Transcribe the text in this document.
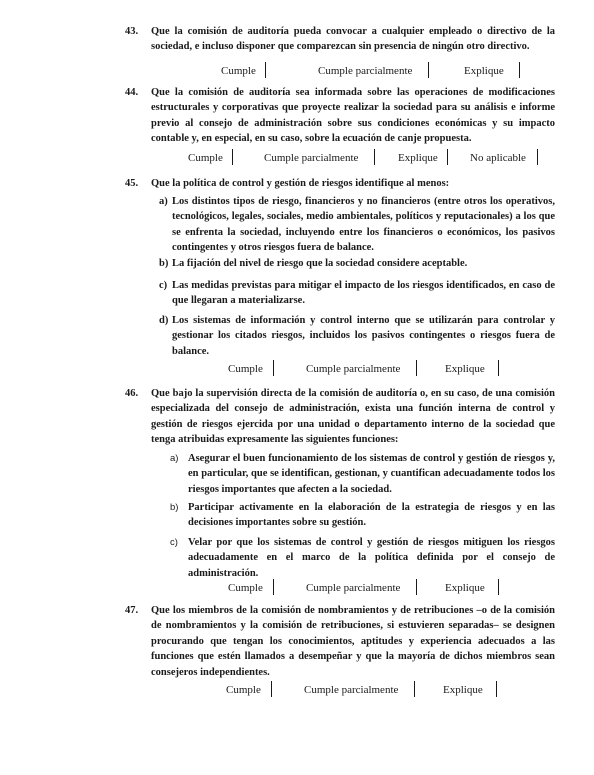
43. Que la comisión de auditoría pueda convocar a cualquier empleado o directivo de la sociedad, e incluso disponer que comparezcan sin presencia de ningún otro directivo.

Cumple	Cumple parcialmente	Explique
44. Que la comisión de auditoría sea informada sobre las operaciones de modificaciones estructurales y corporativas que proyecte realizar la sociedad para su análisis e informe previo al consejo de administración sobre sus condiciones económicas y su impacto contable y, en especial, en su caso, sobre la ecuación de canje propuesta.

Cumple	Cumple parcialmente	Explique	No aplicable
45. Que la política de control y gestión de riesgos identifique al menos:

a) Los distintos tipos de riesgo, financieros y no financieros (entre otros los operativos, tecnológicos, legales, sociales, medio ambientales, políticos y reputacionales) a los que se enfrenta la sociedad, incluyendo entre los financieros o económicos, los pasivos contingentes y otros riesgos fuera de balance.

b) La fijación del nivel de riesgo que la sociedad considere aceptable.

c) Las medidas previstas para mitigar el impacto de los riesgos identificados, en caso de que llegaran a materializarse.

d) Los sistemas de información y control interno que se utilizarán para controlar y gestionar los citados riesgos, incluidos los pasivos contingentes o riesgos fuera de balance.

Cumple	Cumple parcialmente	Explique
46. Que bajo la supervisión directa de la comisión de auditoría o, en su caso, de una comisión especializada del consejo de administración, exista una función interna de control y gestión de riesgos ejercida por una unidad o departamento interno de la sociedad que tenga atribuidas expresamente las siguientes funciones:

a) Asegurar el buen funcionamiento de los sistemas de control y gestión de riesgos y, en particular, que se identifican, gestionan, y cuantifican adecuadamente todos los riesgos importantes que afecten a la sociedad.

b) Participar activamente en la elaboración de la estrategia de riesgos y en las decisiones importantes sobre su gestión.

c) Velar por que los sistemas de control y gestión de riesgos mitiguen los riesgos adecuadamente en el marco de la política definida por el consejo de administración.

Cumple	Cumple parcialmente	Explique
47. Que los miembros de la comisión de nombramientos y de retribuciones –o de la comisión de nombramientos y la comisión de retribuciones, si estuvieren separadas– se designen procurando que tengan los conocimientos, aptitudes y experiencia adecuados a las funciones que estén llamados a desempeñar y que la mayoría de dichos miembros sean consejeros independientes.

Cumple	Cumple parcialmente	Explique
